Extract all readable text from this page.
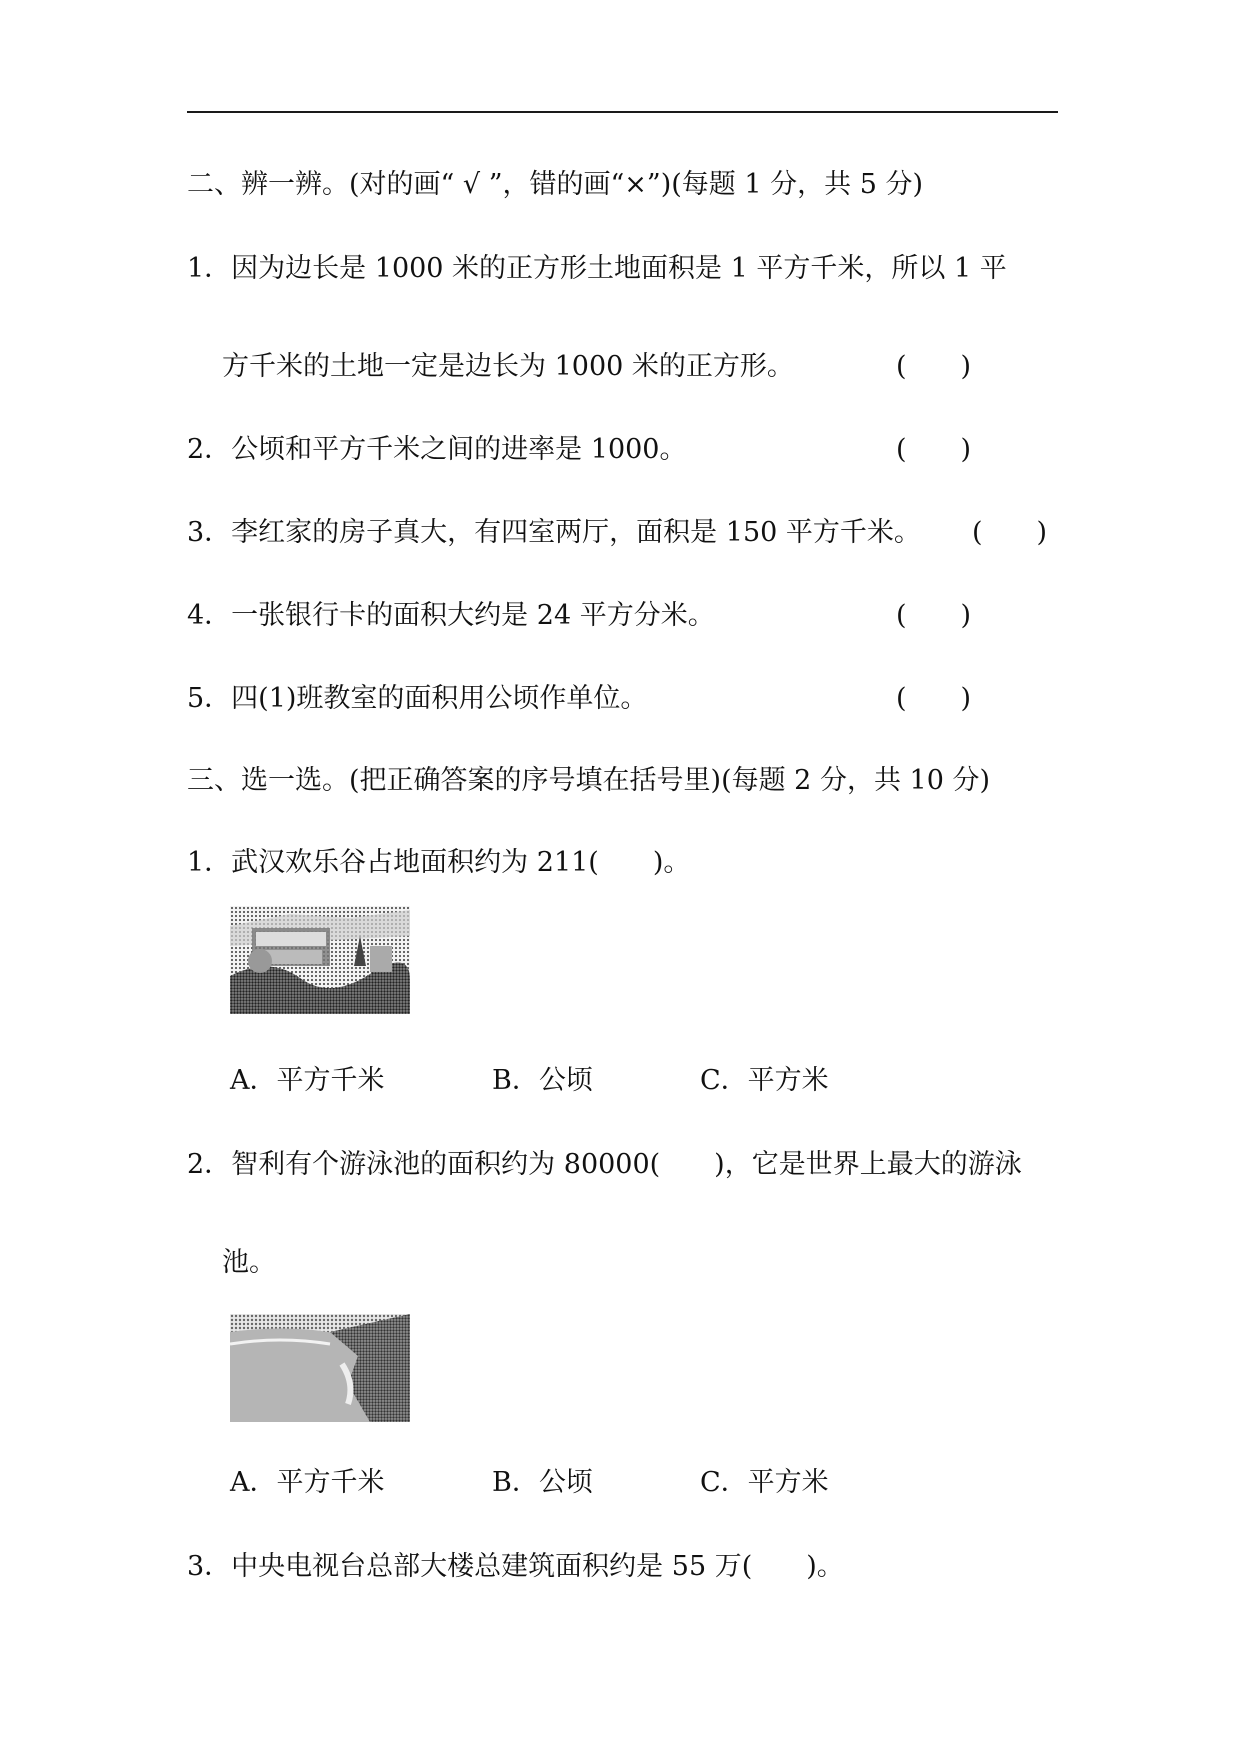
二、辨一辨。(对的画“ √ ”，错的画“×”)(每题 1 分，共 5 分)
1．因为边长是 1000 米的正方形土地面积是 1 平方千米，所以 1 平
方千米的土地一定是边长为 1000 米的正方形。	(　　)
2．公顷和平方千米之间的进率是 1000。	(　　)
3．李红家的房子真大，有四室两厅，面积是 150 平方千米。 (　　)
4．一张银行卡的面积大约是 24 平方分米。	(　　)
5．四(1)班教室的面积用公顷作单位。	(　　)
三、选一选。(把正确答案的序号填在括号里)(每题 2 分，共 10 分)
1．武汉欢乐谷占地面积约为 211(　　)。
A．平方千米	B．公顷	C．平方米
2．智利有个游泳池的面积约为 80000(　　)，它是世界上最大的游泳
池。
A．平方千米	B．公顷	C．平方米
3．中央电视台总部大楼总建筑面积约是 55 万(　　)。
